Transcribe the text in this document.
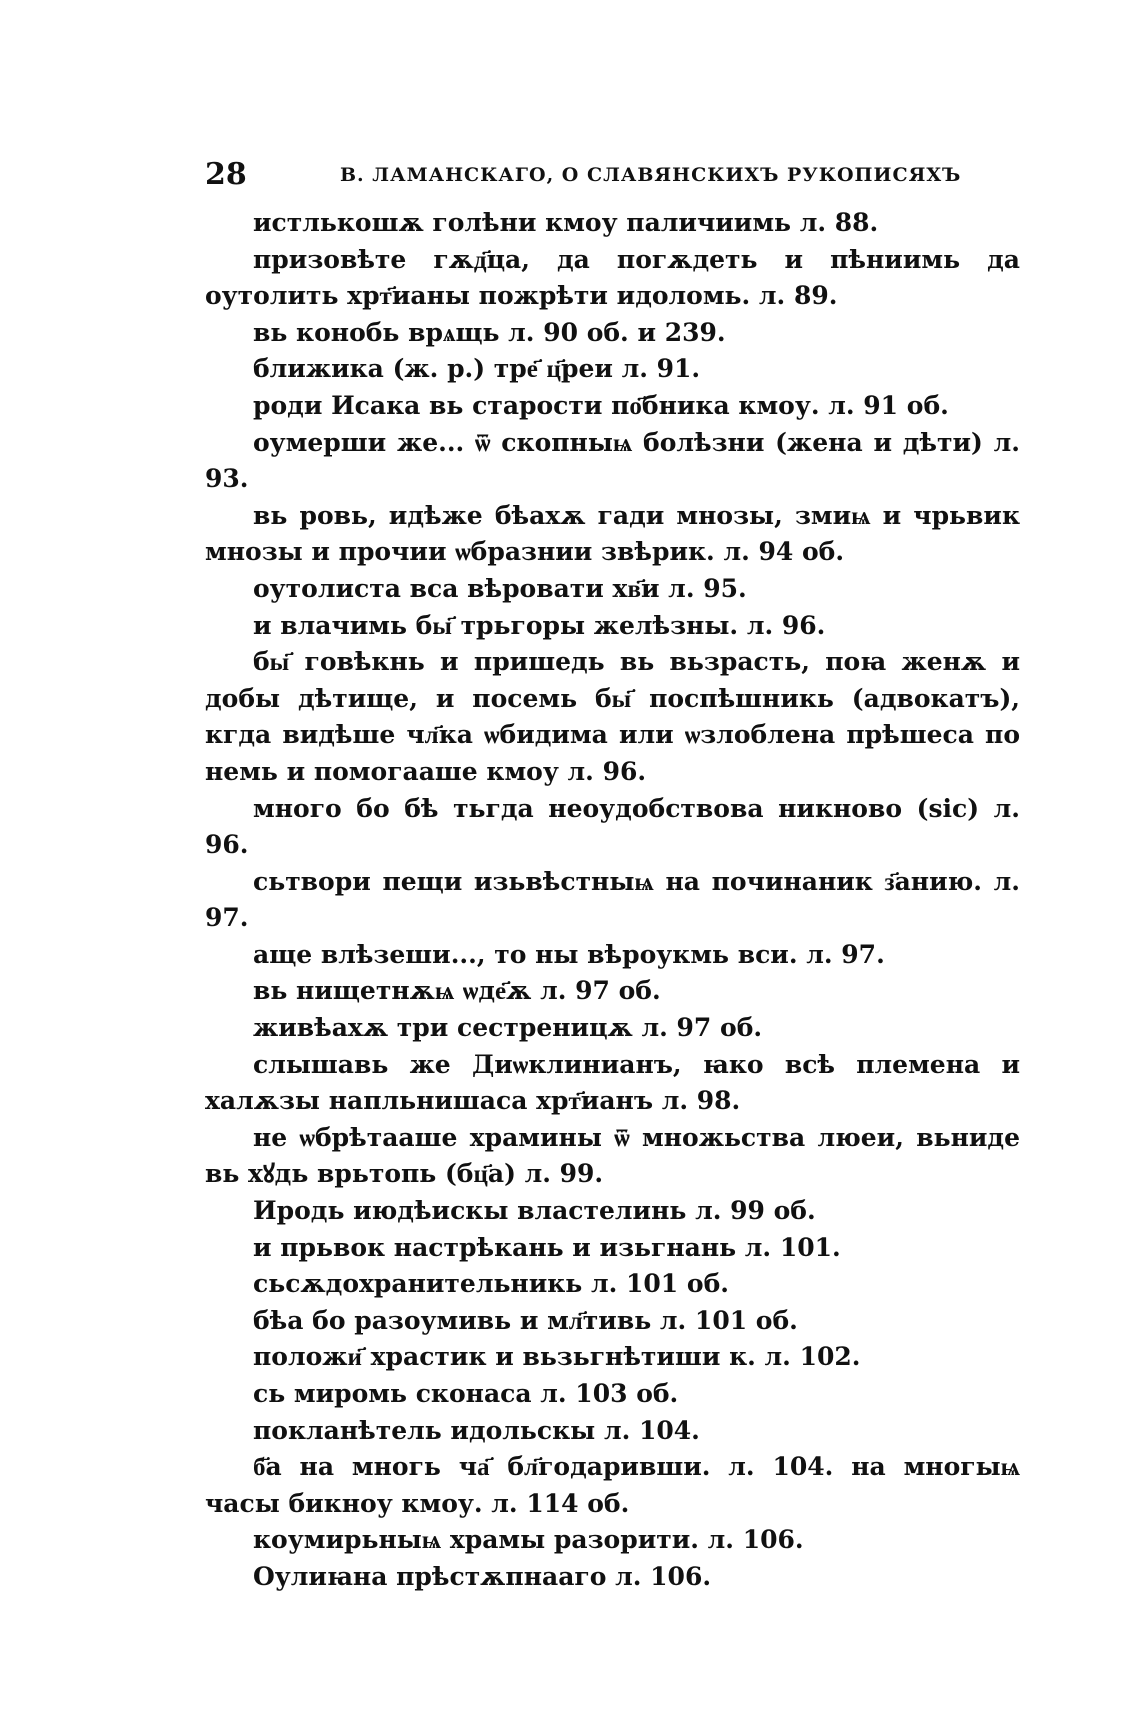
28	В. ЛАМАНСКАГО, О СЛАВЯНСКИХЪ РУКОПИСЯХЪ

истлькошѫ голѣни кмоу паличиимь л. 88.

призовѣте гѫд҃ца, да погѫдеть и пѣниимь да оутолить хрт҃ианы пожрѣти идоломь. л. 89.

вь конобь врѧщь л. 90 об. и 239.

ближика (ж. р.) тре҃ ц҃реи л. 91.

роди Исака вь старости по҃бника кмоу. л. 91 об.

оумерши же... ѿ скопныѩ болѣзни (жена и дѣти) л. 93.

вь ровь, идѣже бѣахѫ гади мнозы, змиѩ и чрьвик мнозы и прочии ѡбразнии звѣрик. л. 94 об.

оутолиста вса вѣровати хв҃и л. 95.

и влачимь бы҃ трьгоры желѣзны. л. 96.

бы҃ говѣкнь и пришедь вь вьзрасть, поꙗ женѫ и добы дѣтище, и посемь бы҃ поспѣшникь (адвокатъ), кгда видѣше чл҃ка ѡбидима или ѡзлоблена прѣшеса по немь и помогааше кмоу л. 96.

много бо бѣ тьгда неоудобствова никново (sic) л. 96.

сьтвори пещи изьвѣстныѩ на починаник з҃анию. л. 97.

аще влѣзеши..., то ны вѣроукмь вси. л. 97.

вь нищетнѫѩ ѡде҃ѫ л. 97 об.

живѣахѫ три сестреницѫ л. 97 об.

слышавь же Диѡклинианъ, ꙗко всѣ племена и халѫзы напльнишаса хрт҃ианъ л. 98.

не ѡбрѣтааше храмины ѿ множьства люеи, вьниде вь хꙋдь врьтопь (бц҃а) л. 99.

Иродь июдѣискы властелинь л. 99 об.

и прьвок настрѣкань и изьгнань л. 101.

сьсѫдохранительникь л. 101 об.

бѣа бо разоумивь и мл҃тивь л. 101 об.

положи҃ храстик и вьзьгнѣтиши к. л. 102.

сь миромь сконаса л. 103 об.

покланѣтель идольскы л. 104.

б҃а на многь ча҃ бл҃годаривши. л. 104. на многыѩ часы бикноу кмоу. л. 114 об.

коумирьныѩ храмы разорити. л. 106.

Оулиꙗна прѣстѫпнаaго л. 106.
